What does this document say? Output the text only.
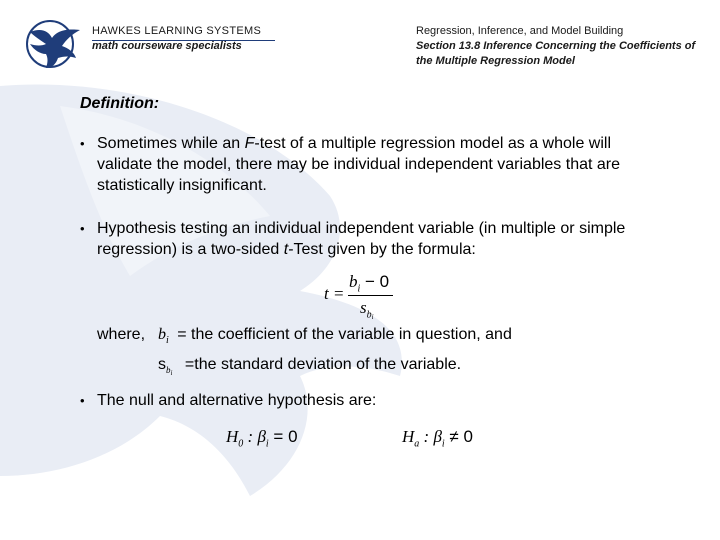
HAWKES LEARNING SYSTEMS
math courseware specialists
Regression, Inference, and Model Building
Section 13.8 Inference Concerning the Coefficients of the Multiple Regression Model
Definition:
• Sometimes while an F-test of a multiple regression model as a whole will validate the model, there may be individual independent variables that are statistically insignificant.
• Hypothesis testing an individual independent variable (in multiple or simple regression) is a two-sided t-Test given by the formula:
t =
$b_i - 0$
$s_{bi}$
where, $b_i$ = the coefficient of the variable in question, and
$s_{bi} =the$ standard deviation of the variable.
• The null and alternative hypothesis are:
$H_0$ : $\beta_i = 0$	$H_a$ : $\beta_i \ne 0$
